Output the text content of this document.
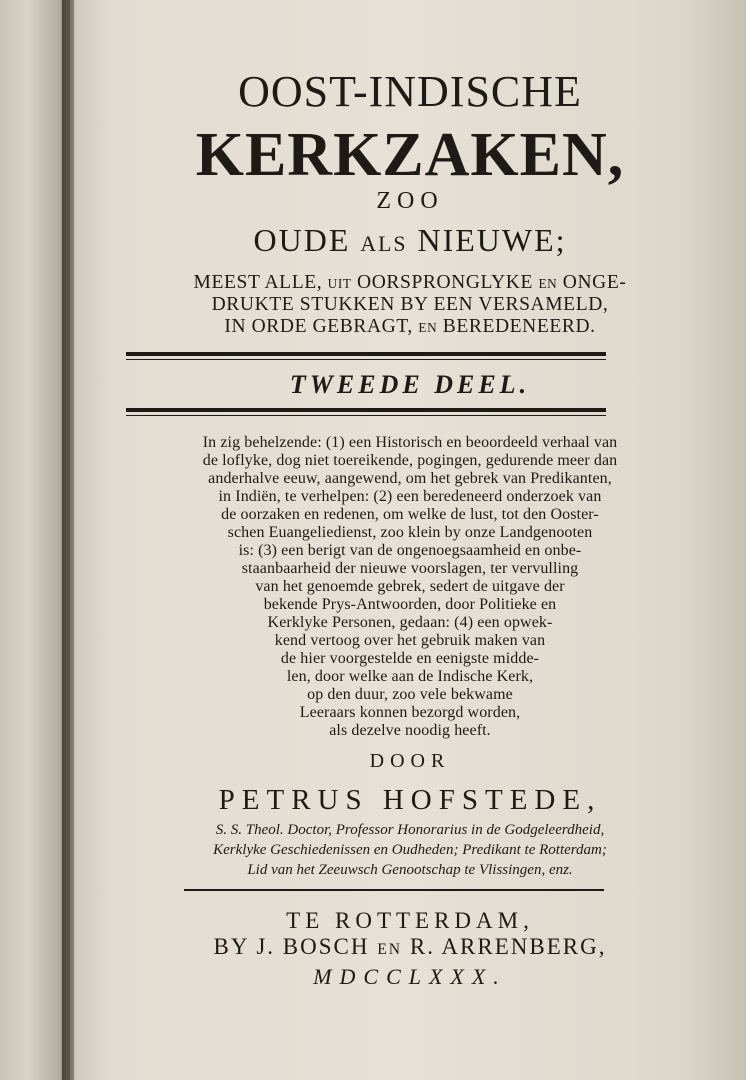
OOST-INDISCHE
KERKZAKEN,
ZOO
OUDE ALS NIEUWE;
MEEST ALLE, UIT OORSPRONGLYKE EN ONGE-
DRUKTE STUKKEN BY EEN VERSAMELD,
IN ORDE GEBRAGT, EN BEREDENEERD.
TWEEDE DEEL.
In zig behelzende: (1) een Historisch en beoordeeld verhaal van
de loflyke, dog niet toereikende, pogingen, gedurende meer dan
anderhalve eeuw, aangewend, om het gebrek van Predikanten,
in Indiën, te verhelpen: (2) een beredeneerd onderzoek van
de oorzaken en redenen, om welke de lust, tot den Ooster-
schen Euangeliedienst, zoo klein by onze Landgenooten
is: (3) een berigt van de ongenoegsaamheid en onbe-
staanbaarheid der nieuwe voorslagen, ter vervulling
van het genoemde gebrek, sedert de uitgave der
bekende Prys-Antwoorden, door Politieke en
Kerklyke Personen, gedaan: (4) een opwek-
kend vertoog over het gebruik maken van
de hier voorgestelde en eenigste midde-
len, door welke aan de Indische Kerk,
op den duur, zoo vele bekwame
Leeraars konnen bezorgd worden,
als dezelve noodig heeft.
DOOR
PETRUS HOFSTEDE,
S. S. Theol. Doctor, Professor Honorarius in de Godgeleerdheid,
Kerklyke Geschiedenissen en Oudheden; Predikant te Rotterdam;
Lid van het Zeeuwsch Genootschap te Vlissingen, enz.
TE ROTTERDAM,
BY J. BOSCH EN R. ARRENBERG,
MDCCLXXX.
